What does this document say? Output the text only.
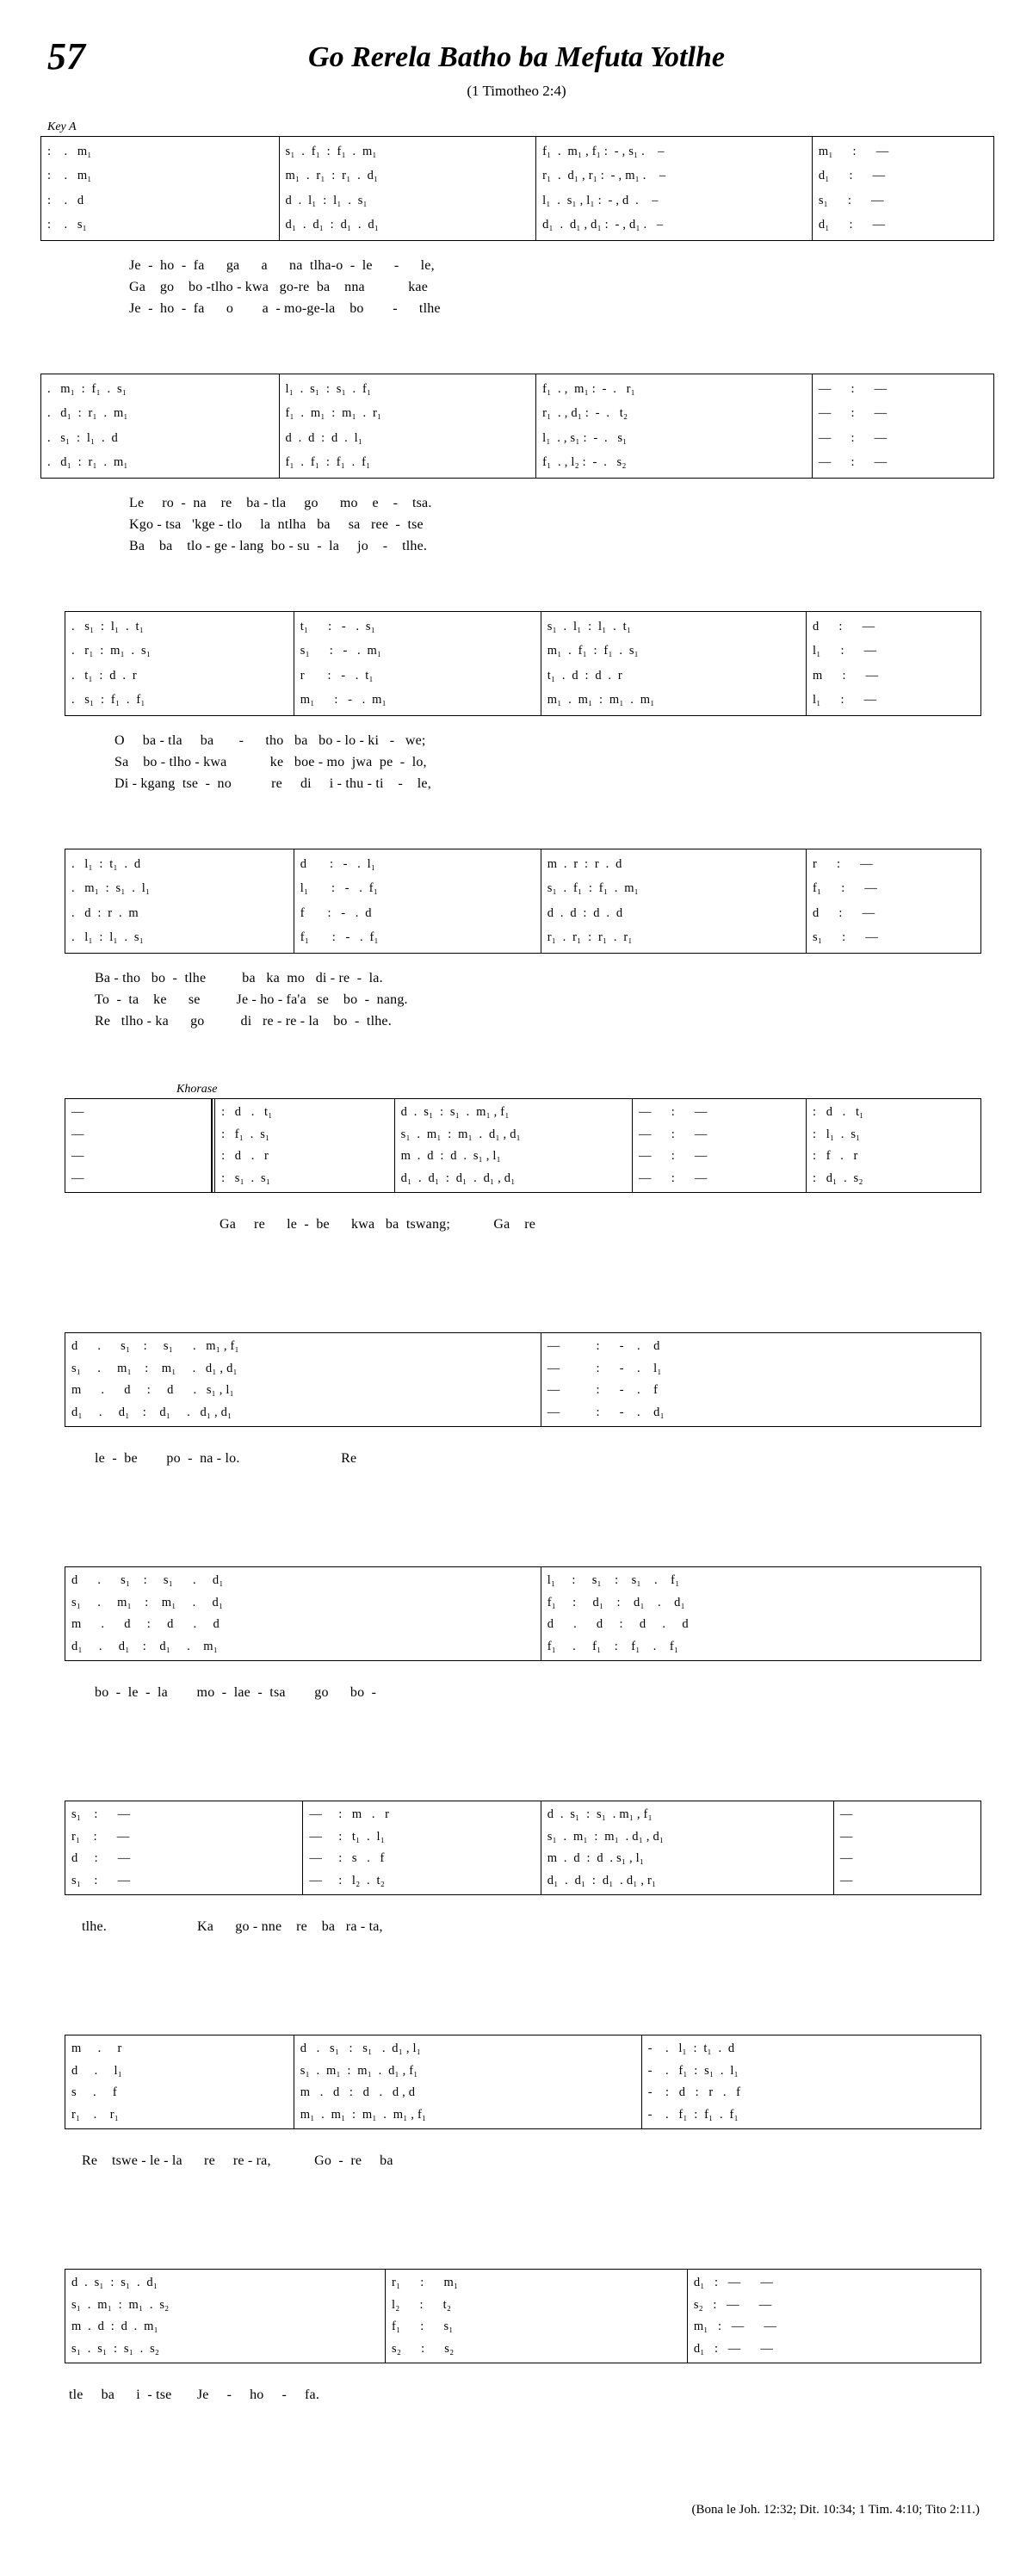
57	Go Rerela Batho ba Mefuta Yotlhe
(1 Timotheo 2:4)
Key A
Khorase
(Bona le Joh. 12:32; Dit. 10:34; 1 Tim. 4:10; Tito 2:11.)
:    .   m₁
:    .   m₁
:    .   d
:    .   s₁
s₁  .  f₁  :  f₁  .  m₁
m₁  .  r₁  :  r₁  .  d₁
d  .  l₁  :  l₁  .  s₁
d₁  .  d₁  :  d₁  .  d₁
f₁  .  m₁ , f₁ :  - , s₁ .    –
r₁  .  d₁ , r₁ :  - , m₁ .    –
l₁  .  s₁ , l₁ :  - , d  .    –
d₁  .  d₁ , d₁ :  - , d₁ .   –
m₁      :      —
d₁      :      —
s₁      :      —
d₁      :      —
Je  -  ho  -  fa      ga      a      na  tlha-o  -  le      -      le,
Ga    go    bo -tlho - kwa   go-re  ba    nna            kae
Je  -  ho  -  fa      o        a  - mo-ge-la    bo        -      tlhe
.   m₁  :  f₁  .  s₁
.   d₁  :  r₁  .  m₁
.   s₁  :  l₁  .  d
.   d₁  :  r₁  .  m₁
l₁  .  s₁  :  s₁  .  f₁
f₁  .  m₁  :  m₁  .  r₁
d  .  d  :  d  .  l₁
f₁  .  f₁  :  f₁  .  f₁
f₁  . ,  m₁ :  -  .   r₁
r₁  . , d₁ :  -  .   t₂
l₁  . , s₁ :  -  .   s₁
f₁  . , l₂ :  -  .   s₂
—      :      —
—      :      —
—      :      —
—      :      —
Le     ro  -  na    re    ba - tla     go      mo    e    -    tsa.
Kgo - tsa   'kge - tlo     la  ntlha   ba     sa   ree  -  tse
Ba    ba    tlo - ge - lang  bo - su  -  la     jo    -    tlhe.
.   s₁  :  l₁  .  t₁
.   r₁  :  m₁  .  s₁
.   t₁  :  d  .  r
.   s₁  :  f₁  .  f₁
t₁      :   -   .  s₁
s₁      :   -   .  m₁
r       :   -   .  t₁
m₁      :   -   .  m₁
s₁  .  l₁  :  l₁  .  t₁
m₁  .  f₁  :  f₁  .  s₁
t₁  .  d  :  d  .  r
m₁  .  m₁  :  m₁  .  m₁
d      :      —
l₁      :      —
m      :      —
l₁      :      —
O     ba - tla     ba       -      tho   ba   bo - lo - ki   -   we;
Sa    bo - tlho - kwa            ke   boe - mo  jwa  pe  -  lo,
Di - kgang  tse  -  no           re     di     i - thu - ti    -    le,
.   l₁  :  t₁  .  d
.   m₁  :  s₁  .  l₁
.   d  :  r  .  m
.   l₁  :  l₁  .  s₁
d       :   -   .  l₁
l₁       :   -   .  f₁
f       :   -   .  d
f₁       :   -   .  f₁
m  .  r  :  r  .  d
s₁  .  f₁  :  f₁  .  m₁
d  .  d  :  d  .  d
r₁  .  r₁  :  r₁  .  r₁
r      :      —
f₁      :      —
d      :      —
s₁      :      —
Ba - tho   bo  -  tlhe          ba   ka  mo   di - re  -  la.
To  -  ta    ke      se          Je - ho - fa'a   se    bo  -  nang.
Re   tlho - ka      go          di   re - re - la    bo  -  tlhe.
—
—
—
—
:   d   .   t₁
:   f₁  .  s₁
:   d   .   r
:   s₁  .  s₁
d  .  s₁  :  s₁  .  m₁ , f₁
s₁  .  m₁  :  m₁  .  d₁ , d₁
m  .  d  :  d  .  s₁ , l₁
d₁  .  d₁  :  d₁  .  d₁ , d₁
—      :      —
—      :      —
—      :      —
—      :      —
:   d   .   t₁
:   l₁  .  s₁
:   f   .   r
:   d₁  .  s₂
Ga     re      le  -  be      kwa   ba  tswang;            Ga    re
d      .      s₁    :     s₁      .   m₁ , f₁
s₁     .     m₁    :    m₁     .   d₁ , d₁
m      .      d     :     d      .   s₁ , l₁
d₁     .     d₁    :    d₁     .   d₁ , d₁
—           :      -    .    d
—           :      -    .    l₁
—           :      -    .    f
—           :      -    .    d₁
le  -  be        po  -  na - lo.                            Re
d      .      s₁    :     s₁      .     d₁
s₁     .     m₁    :    m₁     .     d₁
m      .      d     :     d      .     d
d₁     .     d₁    :    d₁     .    m₁
l₁     :     s₁    :    s₁    .    f₁
f₁     :     d₁    :    d₁    .    d₁
d      .      d     :     d     .     d
f₁     .     f₁    :    f₁    .    f₁
bo  -  le  -  la        mo  -  lae  -  tsa        go      bo  -
s₁    :      —
r₁    :      —
d     :      —
s₁    :      —
—     :   m   .   r
—     :   t₁  .  l₁
—     :   s   .   f
—     :   l₂  .  t₂
d  .  s₁  :  s₁  . m₁ , f₁
s₁  .  m₁  :  m₁  . d₁ , d₁
m  .  d  :  d  . s₁ , l₁
d₁  .  d₁  :  d₁  . d₁ , r₁
—
—
—
—
tlhe.                         Ka      go - nne    re    ba   ra - ta,
m     .     r
d     .     l₁
s     .     f
r₁    .    r₁
d   .   s₁   :   s₁   .  d₁ , l₁
s₁  .  m₁  :  m₁  .  d₁ , f₁
m   .   d   :   d   .   d , d
m₁  .  m₁  :  m₁  .  m₁ , f₁
-    .   l₁  :  t₁  .  d
-    .   f₁  :  s₁  .  l₁
-    :   d   :   r   .   f
-    .   f₁  :  f₁  .  f₁
Re    tswe - le - la      re     re - ra,            Go  -  re     ba
d  .  s₁  :  s₁  .  d₁
s₁  .  m₁  :  m₁  .  s₂
m  .  d  :  d  .  m₁
s₁  .  s₁  :  s₁  .  s₂
r₁      :      m₁
l₂      :      t₂
f₁      :      s₁
s₂      :      s₂
d₁   :   —      —
s₂   :   —      —
m₁   :   —      —
d₁   :   —      —
tle     ba      i  - tse       Je     -     ho     -     fa.
